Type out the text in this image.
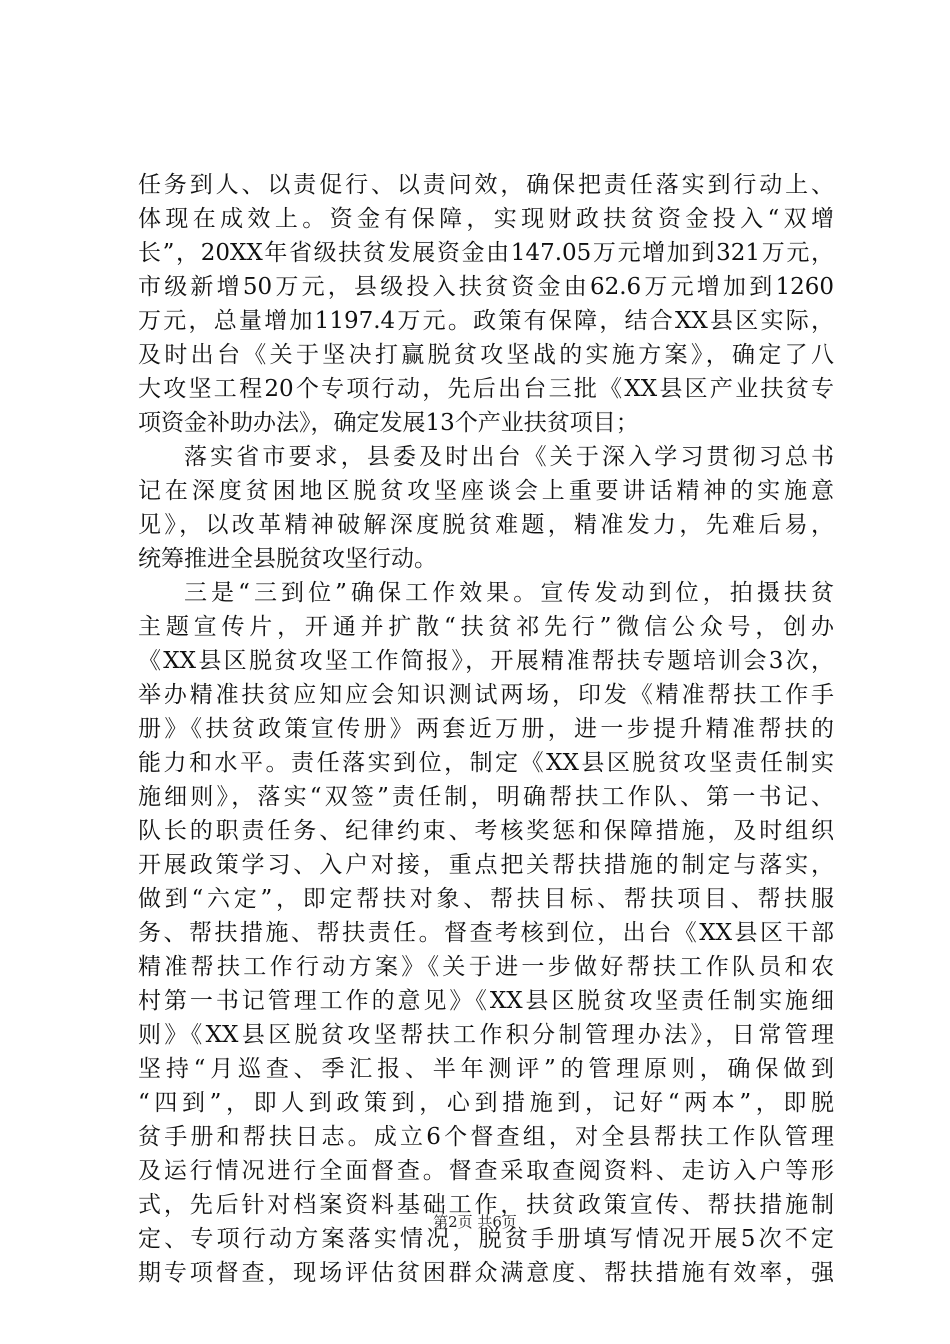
任务到人、以责促行、以责问效，确保把责任落实到行动上、
体现在成效上。资金有保障，实现财政扶贫资金投入“双增
长”，20XX年省级扶贫发展资金由147.05万元增加到321万元，
市级新增50万元，县级投入扶贫资金由62.6万元增加到1260
万元，总量增加1197.4万元。政策有保障，结合XX县区实际，
及时出台《关于坚决打赢脱贫攻坚战的实施方案》，确定了八
大攻坚工程20个专项行动，先后出台三批《XX县区产业扶贫专
项资金补助办法》，确定发展13个产业扶贫项目；
落实省市要求，县委及时出台《关于深入学习贯彻习总书
记在深度贫困地区脱贫攻坚座谈会上重要讲话精神的实施意
见》，以改革精神破解深度脱贫难题，精准发力，先难后易，
统筹推进全县脱贫攻坚行动。
三是“三到位”确保工作效果。宣传发动到位，拍摄扶贫
主题宣传片，开通并扩散“扶贫祁先行”微信公众号，创办
《XX县区脱贫攻坚工作简报》，开展精准帮扶专题培训会3次，
举办精准扶贫应知应会知识测试两场，印发《精准帮扶工作手
册》《扶贫政策宣传册》两套近万册，进一步提升精准帮扶的
能力和水平。责任落实到位，制定《XX县区脱贫攻坚责任制实
施细则》，落实“双签”责任制，明确帮扶工作队、第一书记、
队长的职责任务、纪律约束、考核奖惩和保障措施，及时组织
开展政策学习、入户对接，重点把关帮扶措施的制定与落实，
做到“六定”，即定帮扶对象、帮扶目标、帮扶项目、帮扶服
务、帮扶措施、帮扶责任。督查考核到位，出台《XX县区干部
精准帮扶工作行动方案》《关于进一步做好帮扶工作队员和农
村第一书记管理工作的意见》《XX县区脱贫攻坚责任制实施细
则》《XX县区脱贫攻坚帮扶工作积分制管理办法》，日常管理
坚持“月巡查、季汇报、半年测评”的管理原则，确保做到
“四到”，即人到政策到，心到措施到，记好“两本”，即脱
贫手册和帮扶日志。成立6个督查组，对全县帮扶工作队管理
及运行情况进行全面督查。督查采取查阅资料、走访入户等形
式，先后针对档案资料基础工作，扶贫政策宣传、帮扶措施制
定、专项行动方案落实情况，脱贫手册填写情况开展5次不定
期专项督查，现场评估贫困群众满意度、帮扶措施有效率，强
第2页 共6页
